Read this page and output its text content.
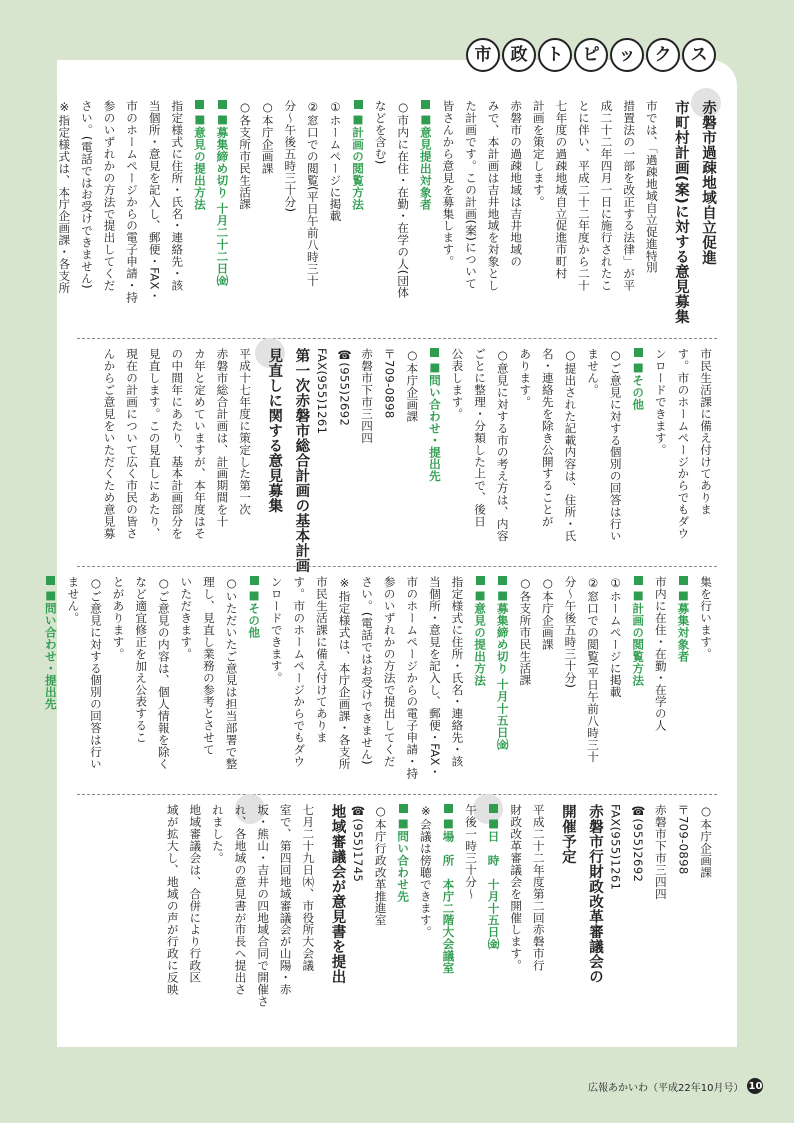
赤磐市過疎地域自立促進
市町村計画(案)に対する意見募集
市では、「過疎地域自立促進特別
措置法の一部を改正する法律」が平
成二十二年四月一日に施行されたこ
とに伴い、平成二十二年度から二十
七年度の過疎地域自立促進市町村
計画を策定します。
赤磐市の過疎地域は吉井地域の
みで、本計画は吉井地域を対象とし
た計画です。この計画(案)について
皆さんから意見を募集します。
■意見提出対象者
○市内に在住・在勤・在学の人(団体
などを含む)
■計画の閲覧方法
①ホームページに掲載
②窓口での閲覧(平日午前八時三十
分～午後五時三十分)
○本庁企画課
○各支所市民生活課
■募集締め切り 十月二十二日㈮
■意見の提出方法
指定様式に住所・氏名・連絡先・該
当個所・意見を記入し、郵便・FAX・
市のホームページからの電子申請・持
参のいずれかの方法で提出してくだ
さい。(電話ではお受けできません)
※指定様式は、本庁企画課・各支所
市民生活課に備え付けてありま
す。市のホームページからでもダウ
ンロードできます。
■その他
○ご意見に対する個別の回答は行い
ません。
○提出された記載内容は、住所・氏
名・連絡先を除き公開することが
あります。
○意見に対する市の考え方は、内容
ごとに整理・分類した上で、後日
公表します。
■問い合わせ・提出先
○本庁企画課
〒709-0898
赤磐市下市三四四
☎(955)2692
FAX(955)1261
第一次赤磐市総合計画の基本計画
見直しに関する意見募集
平成十七年度に策定した第一次
赤磐市総合計画は、計画期間を十
カ年と定めていますが、本年度はそ
の中間年にあたり、基本計画部分を
見直します。この見直しにあたり、
現在の計画について広く市民の皆さ
んからご意見をいただくため意見募
集を行います。
■募集対象者
市内に在住・在勤・在学の人
■計画の閲覧方法
①ホームページに掲載
②窓口での閲覧(平日午前八時三十
分～午後五時三十分)
○本庁企画課
○各支所市民生活課
■募集締め切り 十月十五日㈮
■意見の提出方法
指定様式に住所・氏名・連絡先・該
当個所・意見を記入し、郵便・FAX・
市のホームページからの電子申請・持
参のいずれかの方法で提出してくだ
さい。(電話ではお受けできません)
※指定様式は、本庁企画課・各支所
市民生活課に備え付けてありま
す。市のホームページからでもダウ
ンロードできます。
■その他
○いただいたご意見は担当部署で整
理し、見直し業務の参考とさせて
いただきます。
○ご意見の内容は、個人情報を除く
など適宜修正を加え公表するこ
とがあります。
○ご意見に対する個別の回答は行い
ません。
■問い合わせ・提出先
○本庁企画課
〒709-0898
赤磐市下市三四四
☎(955)2692
FAX(955)1261
赤磐市行財政改革審議会の
開催予定
平成二十二年度第二回赤磐市行
財政改革審議会を開催します。
■日　時　十月十五日㈮
午後一時三十分～
■場　所　本庁二階大会議室
※会議は傍聴できます。
■問い合わせ先
○本庁行政改革推進室
☎(955)1745
地域審議会が意見書を提出
七月二十九日㈭、市役所大会議
室で、第四回地域審議会が山陽・赤
坂・熊山・吉井の四地域合同で開催さ
れ、各地域の意見書が市長へ提出さ
れました。
地域審議会は、合併により行政区
域が拡大し、地域の声が行政に反映
市	政	ト	ピ	ッ	ク	ス
広報あかいわ（平成22年10月号） 10
